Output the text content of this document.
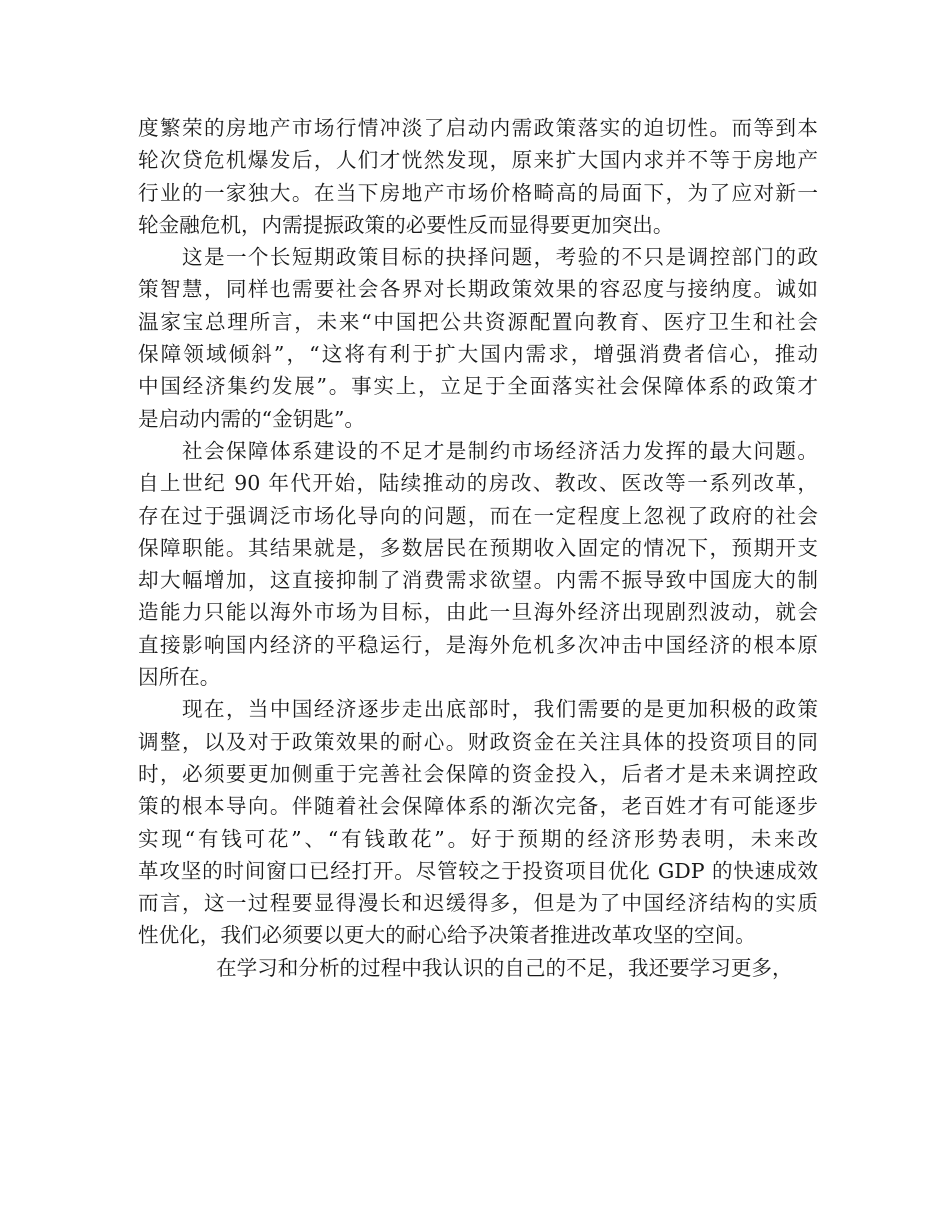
度繁荣的房地产市场行情冲淡了启动内需政策落实的迫切性。而等到本
轮次贷危机爆发后，人们才恍然发现，原来扩大国内求并不等于房地产
行业的一家独大。在当下房地产市场价格畸高的局面下，为了应对新一
轮金融危机，内需提振政策的必要性反而显得要更加突出。
这是一个长短期政策目标的抉择问题，考验的不只是调控部门的政
策智慧，同样也需要社会各界对长期政策效果的容忍度与接纳度。诚如
温家宝总理所言，未来“中国把公共资源配置向教育、医疗卫生和社会
保障领域倾斜”，“这将有利于扩大国内需求，增强消费者信心，推动
中国经济集约发展”。事实上，立足于全面落实社会保障体系的政策才
是启动内需的“金钥匙”。
社会保障体系建设的不足才是制约市场经济活力发挥的最大问题。
自上世纪 90 年代开始，陆续推动的房改、教改、医改等一系列改革，
存在过于强调泛市场化导向的问题，而在一定程度上忽视了政府的社会
保障职能。其结果就是，多数居民在预期收入固定的情况下，预期开支
却大幅增加，这直接抑制了消费需求欲望。内需不振导致中国庞大的制
造能力只能以海外市场为目标，由此一旦海外经济出现剧烈波动，就会
直接影响国内经济的平稳运行，是海外危机多次冲击中国经济的根本原
因所在。
现在，当中国经济逐步走出底部时，我们需要的是更加积极的政策
调整，以及对于政策效果的耐心。财政资金在关注具体的投资项目的同
时，必须要更加侧重于完善社会保障的资金投入，后者才是未来调控政
策的根本导向。伴随着社会保障体系的渐次完备，老百姓才有可能逐步
实现“有钱可花”、“有钱敢花”。好于预期的经济形势表明，未来改
革攻坚的时间窗口已经打开。尽管较之于投资项目优化 GDP 的快速成效
而言，这一过程要显得漫长和迟缓得多，但是为了中国经济结构的实质
性优化，我们必须要以更大的耐心给予决策者推进改革攻坚的空间。
在学习和分析的过程中我认识的自己的不足，我还要学习更多，
